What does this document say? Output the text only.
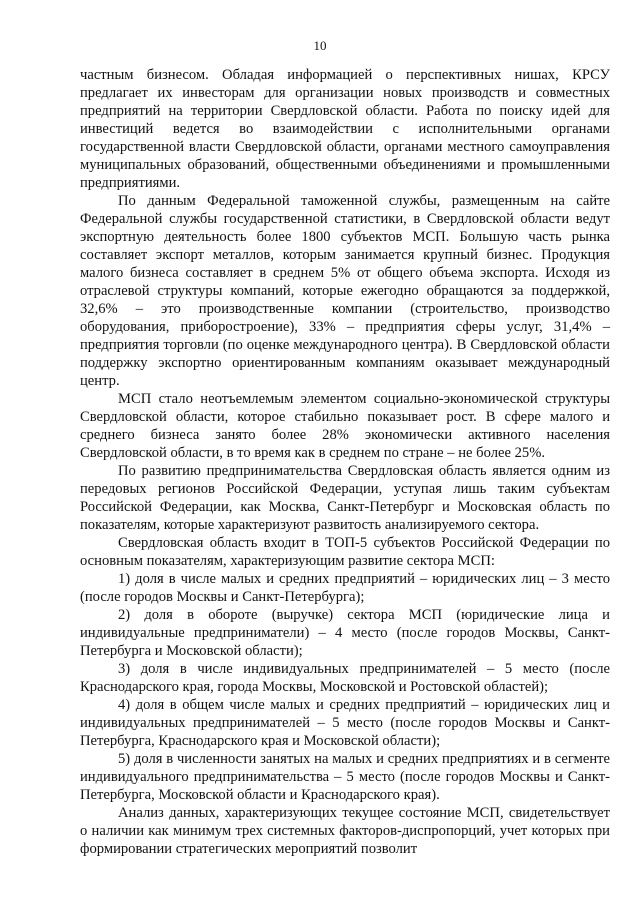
10

частным бизнесом. Обладая информацией о перспективных нишах, КРСУ предлагает их инвесторам для организации новых производств и совместных предприятий на территории Свердловской области. Работа по поиску идей для инвестиций ведется во взаимодействии с исполнительными органами государственной власти Свердловской области, органами местного самоуправления муниципальных образований, общественными объединениями и промышленными предприятиями.

По данным Федеральной таможенной службы, размещенным на сайте Федеральной службы государственной статистики, в Свердловской области ведут экспортную деятельность более 1800 субъектов МСП. Большую часть рынка составляет экспорт металлов, которым занимается крупный бизнес. Продукция малого бизнеса составляет в среднем 5% от общего объема экспорта. Исходя из отраслевой структуры компаний, которые ежегодно обращаются за поддержкой, 32,6% – это производственные компании (строительство, производство оборудования, приборостроение), 33% – предприятия сферы услуг, 31,4% – предприятия торговли (по оценке международного центра). В Свердловской области поддержку экспортно ориентированным компаниям оказывает международный центр.

МСП стало неотъемлемым элементом социально-экономической структуры Свердловской области, которое стабильно показывает рост. В сфере малого и среднего бизнеса занято более 28% экономически активного населения Свердловской области, в то время как в среднем по стране – не более 25%.

По развитию предпринимательства Свердловская область является одним из передовых регионов Российской Федерации, уступая лишь таким субъектам Российской Федерации, как Москва, Санкт-Петербург и Московская область по показателям, которые характеризуют развитость анализируемого сектора.

Свердловская область входит в ТОП-5 субъектов Российской Федерации по основным показателям, характеризующим развитие сектора МСП:

1) доля в числе малых и средних предприятий – юридических лиц – 3 место (после городов Москвы и Санкт-Петербурга);

2) доля в обороте (выручке) сектора МСП (юридические лица и индивидуальные предприниматели) – 4 место (после городов Москвы, Санкт-Петербурга и Московской области);

3) доля в числе индивидуальных предпринимателей – 5 место (после Краснодарского края, города Москвы, Московской и Ростовской областей);

4) доля в общем числе малых и средних предприятий – юридических лиц и индивидуальных предпринимателей – 5 место (после городов Москвы и Санкт-Петербурга, Краснодарского края и Московской области);

5) доля в численности занятых на малых и средних предприятиях и в сегменте индивидуального предпринимательства – 5 место (после городов Москвы и Санкт-Петербурга, Московской области и Краснодарского края).

Анализ данных, характеризующих текущее состояние МСП, свидетельствует о наличии как минимум трех системных факторов-диспропорций, учет которых при формировании стратегических мероприятий позволит
